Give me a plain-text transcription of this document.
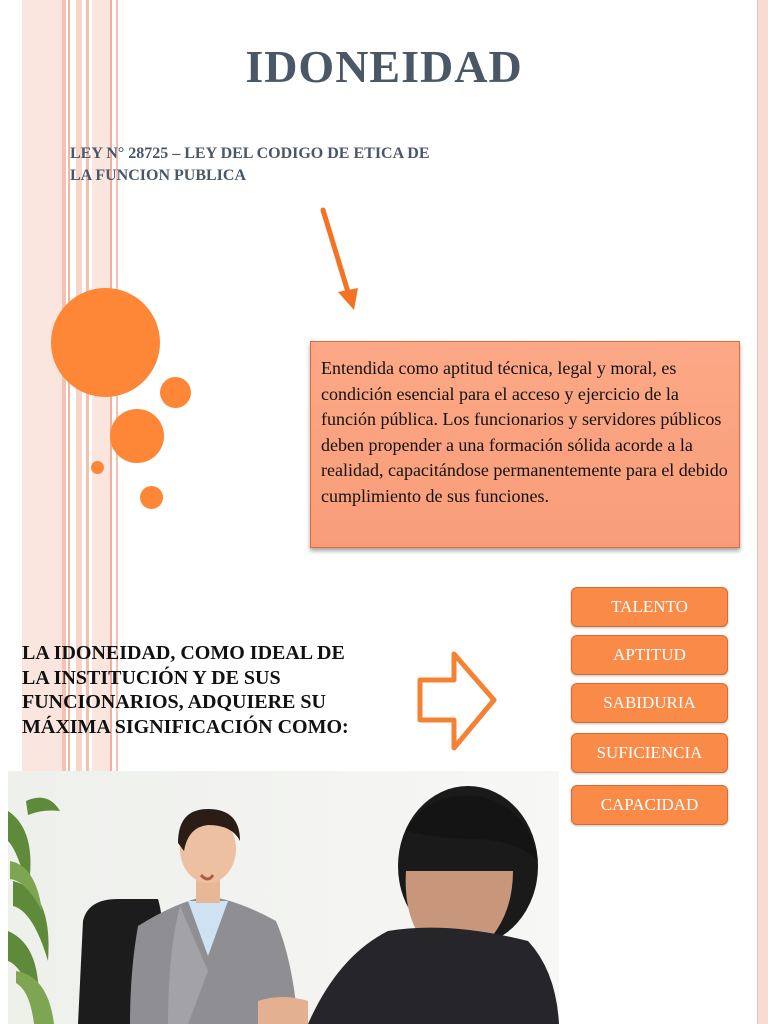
IDONEIDAD
LEY N° 28725 – LEY DEL CODIGO DE ETICA DE LA FUNCION PUBLICA
Entendida como aptitud técnica, legal y moral, es condición esencial para el acceso y ejercicio de la función pública. Los funcionarios y servidores públicos deben propender a una formación sólida acorde a la realidad, capacitándose permanentemente para el debido cumplimiento de sus funciones.
LA IDONEIDAD, COMO IDEAL DE LA INSTITUCIÓN Y DE SUS FUNCIONARIOS, ADQUIERE SU MÁXIMA SIGNIFICACIÓN COMO:
TALENTO
APTITUD
SABIDURIA
SUFICIENCIA
CAPACIDAD
